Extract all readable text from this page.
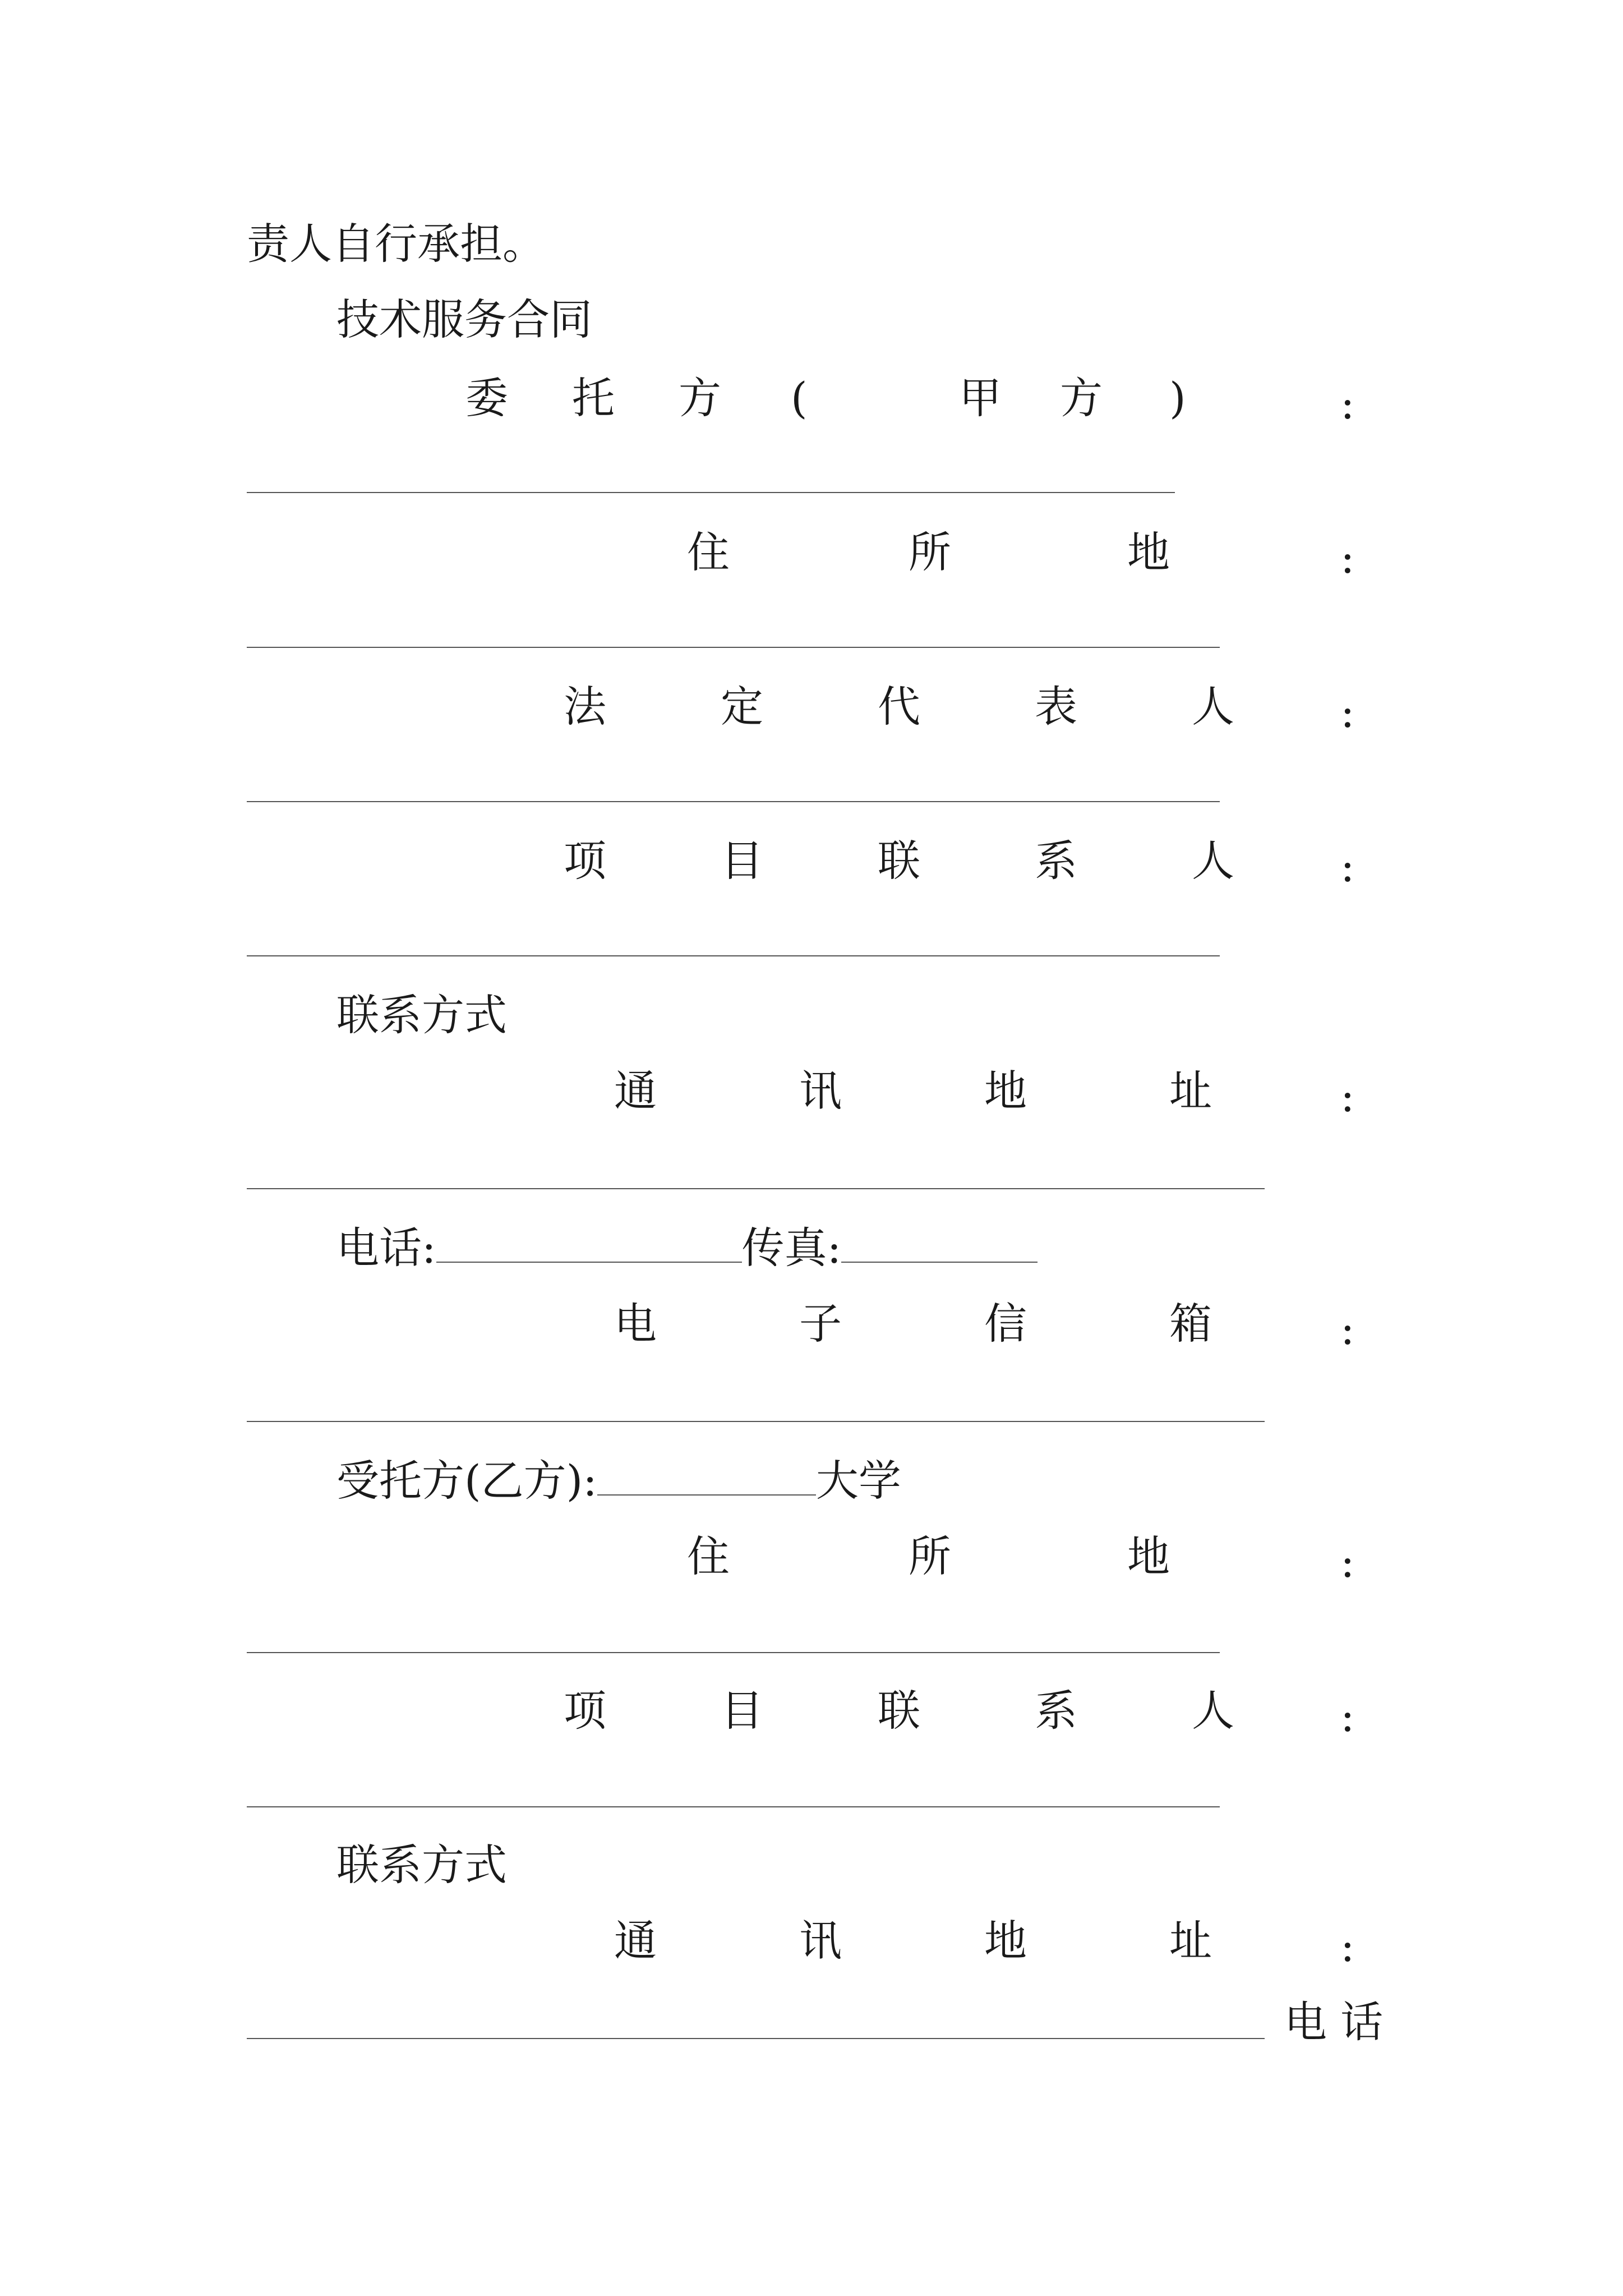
责人自行承担。
技术服务合同
委 托 方 (	甲 方 )	:
住	所	地	:
法	定	代	表	人 :
项	目	联	系	人 :
联系方式
通	讯	地	址	:
电话:	传真:
电	子	信	箱	:
受托方(乙方):	大学
住	所	地	:
项	目	联	系	人 :
联系方式
通	讯	地	址	:
电 话
